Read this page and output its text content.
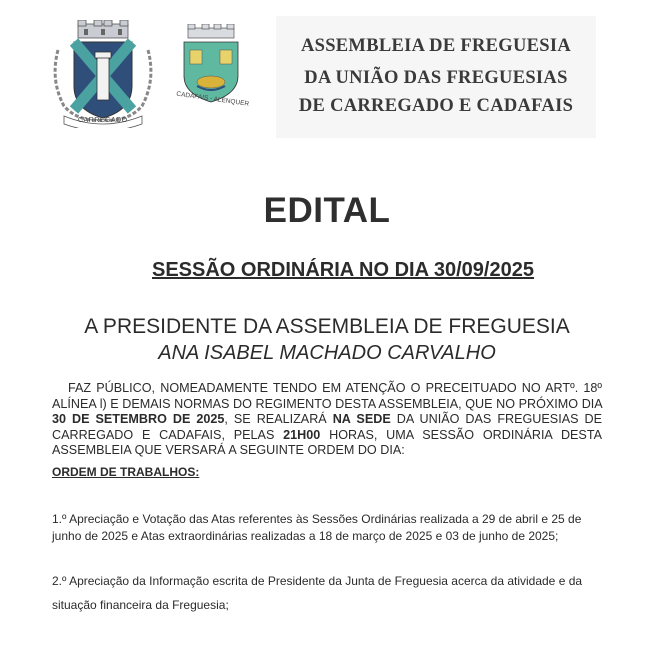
CARREGADO
CADAFAIS - ALENQUER
ASSEMBLEIA DE FREGUESIA
DA UNIÃO DAS FREGUESIAS
DE CARREGADO E CADAFAIS
EDITAL
SESSÃO ORDINÁRIA NO DIA 30/09/2025
A PRESIDENTE DA ASSEMBLEIA DE FREGUESIA
ANA ISABEL MACHADO CARVALHO
FAZ PÚBLICO, NOMEADAMENTE TENDO EM ATENÇÃO O PRECEITUADO NO ARTº. 18º ALÍNEA l) E DEMAIS NORMAS DO REGIMENTO DESTA ASSEMBLEIA, QUE NO PRÓXIMO DIA 30 DE SETEMBRO DE 2025, SE REALIZARÁ NA SEDE DA UNIÃO DAS FREGUESIAS DE CARREGADO E CADAFAIS, PELAS 21H00 HORAS, UMA SESSÃO ORDINÁRIA DESTA ASSEMBLEIA QUE VERSARÁ A SEGUINTE ORDEM DO DIA:
ORDEM DE TRABALHOS:
1.º Apreciação e Votação das Atas referentes às Sessões Ordinárias realizada a 29 de abril e 25 de junho de 2025 e Atas extraordinárias realizadas a 18 de março de 2025 e 03 de junho de 2025;
2.º Apreciação da Informação escrita de Presidente da Junta de Freguesia acerca da atividade e da
situação financeira da Freguesia;
